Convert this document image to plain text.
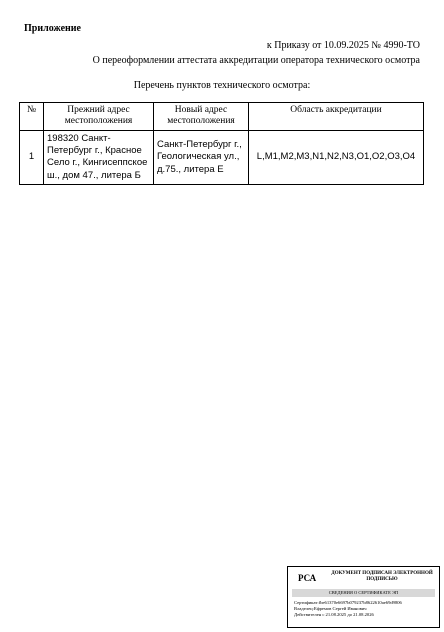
Приложение
к Приказу от 10.09.2025 № 4990-ТО
О переоформлении аттестата аккредитации оператора технического осмотра
Перечень пунктов технического осмотра:
№	Прежний адрес местоположения	Новый адрес местоположения	Область аккредитации
1	198320 Санкт-Петербург г., Красное Село г., Кингисеппское ш., дом 47., литера Б	Санкт-Петербург г., Геологическая ул., д.75., литера Е	L,M1,M2,M3,N1,N2,N3,O1,O2,O3,O4
РСА	ДОКУМЕНТ ПОДПИСАН ЭЛЕКТРОННОЙ ПОДПИСЬЮ
СВЕДЕНИЯ О СЕРТИФИКАТЕ ЭП
Сертификат:fbe61370e6697b079237b8622610ae69d9806
Владелец:Ефремов Сергей Иванович
Действителен с 21.08.2025 до 21.08.2026
